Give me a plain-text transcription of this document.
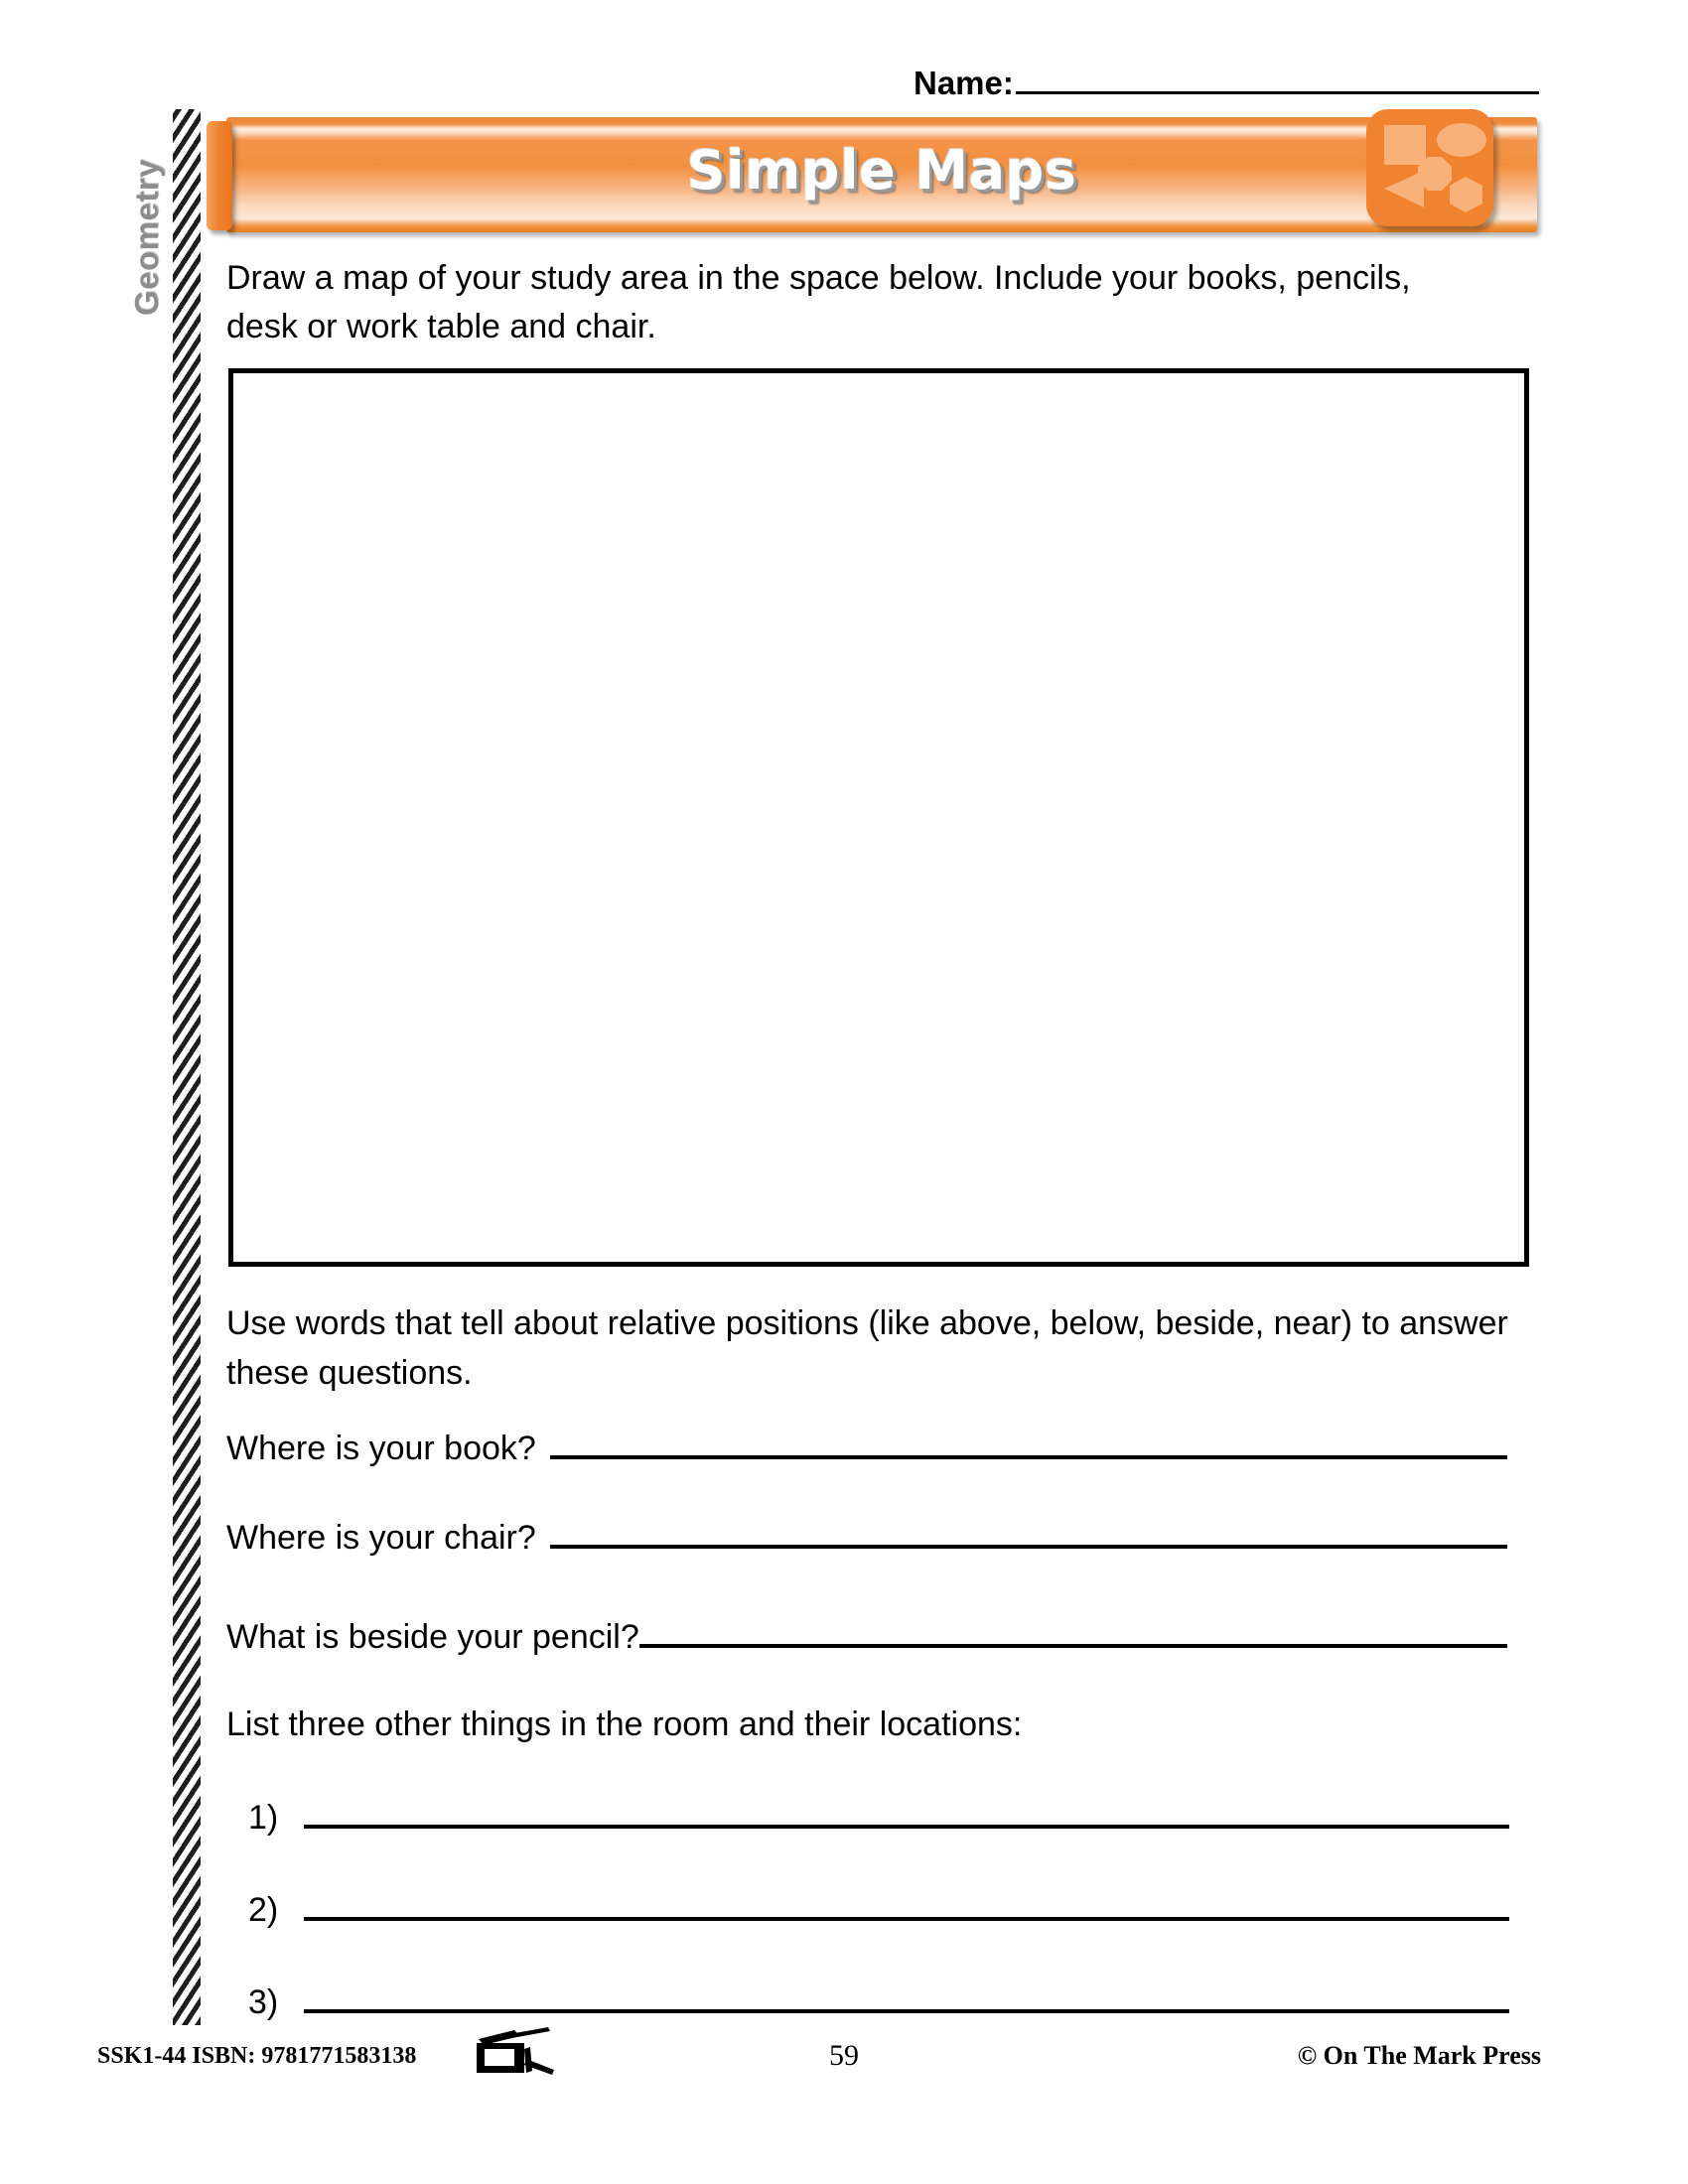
Name:
Geometry	Simple Maps
Draw a map of your study area in the space below. Include your books, pencils, desk or work table and chair.
Use words that tell about relative positions (like above, below, beside, near) to answer these questions.
Where is your book?
Where is your chair?
What is beside your pencil?
List three other things in the room and their locations:
1)
2)
3)
SSK1-44 ISBN: 9781771583138	59	© On The Mark Press
